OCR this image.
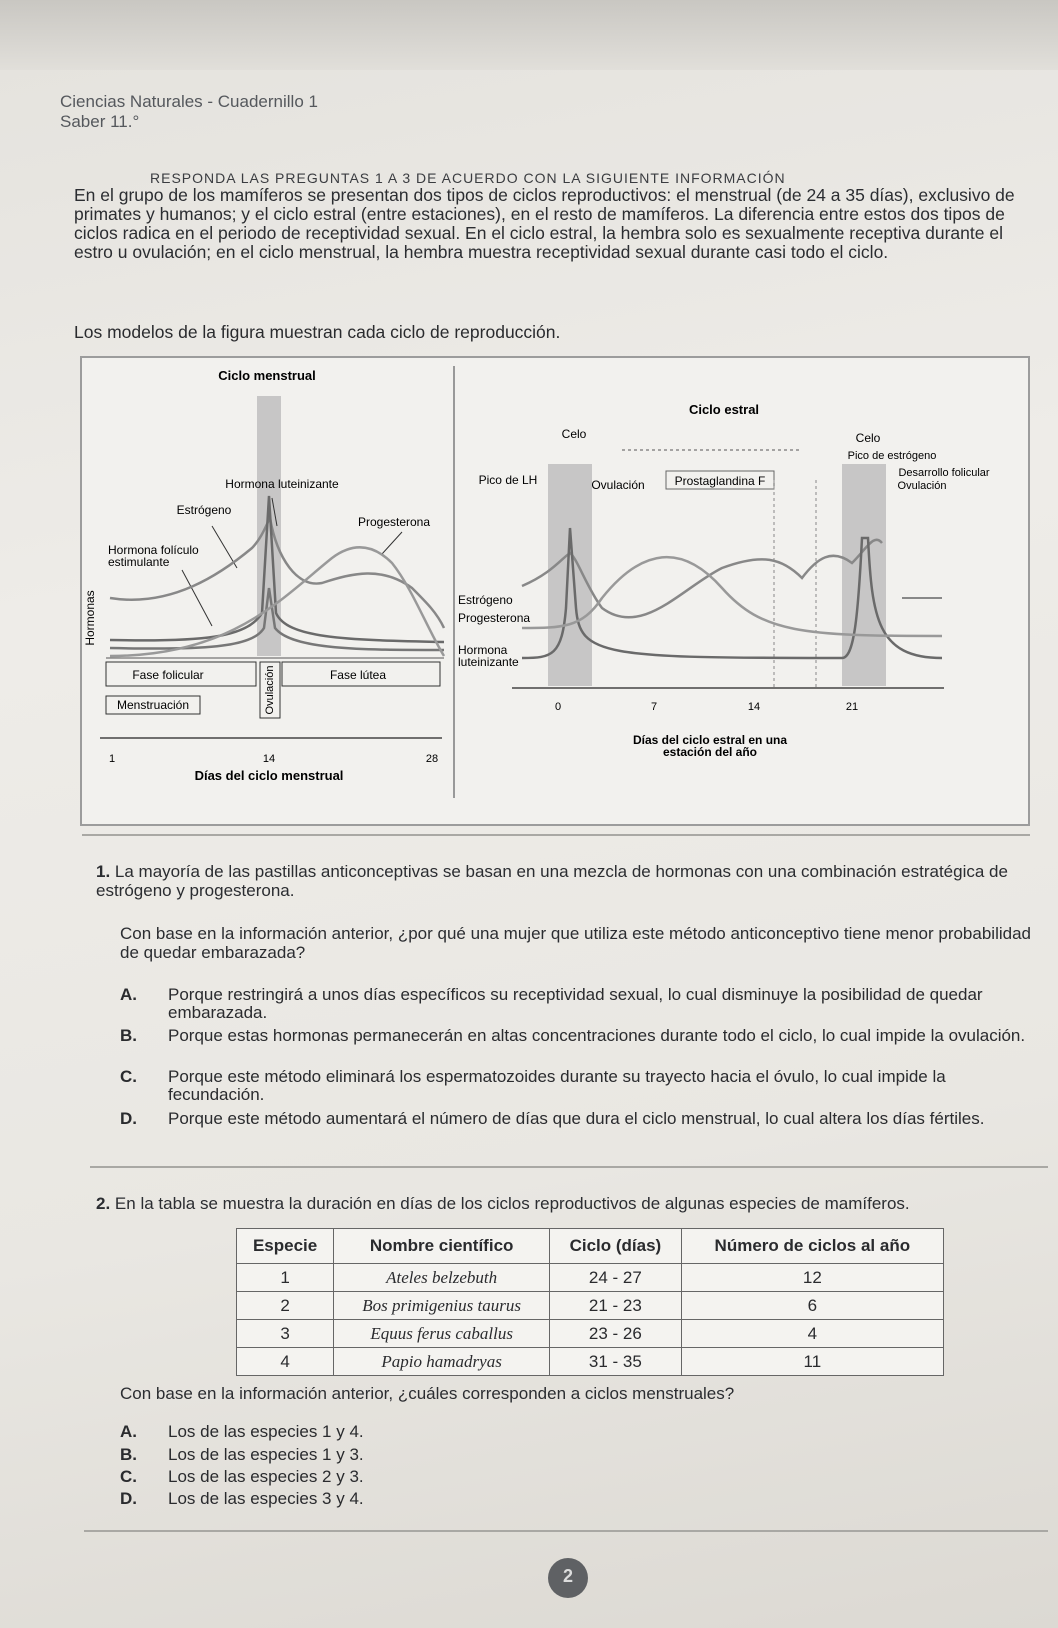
Ciencias Naturales - Cuadernillo 1
Saber 11.°
RESPONDA LAS PREGUNTAS 1 A 3 DE ACUERDO CON LA SIGUIENTE INFORMACIÓN
En el grupo de los mamíferos se presentan dos tipos de ciclos reproductivos: el menstrual (de 24 a 35 días), exclusivo de primates y humanos; y el ciclo estral (entre estaciones), en el resto de mamíferos. La diferencia entre estos dos tipos de ciclos radica en el periodo de receptividad sexual. En el ciclo estral, la hembra solo es sexualmente receptiva durante el estro u ovulación; en el ciclo menstrual, la hembra muestra receptividad sexual durante casi todo el ciclo.
Los modelos de la figura muestran cada ciclo de reproducción.
Ciclo menstrual
Hormona luteinizante
Estrógeno
Progesterona
Hormona folículo
estimulante
Hormonas
Fase folicular	Fase lútea
Menstruación	Ovulación
1	14	28
Días del ciclo menstrual
Ciclo estral
Celo	Celo
Pico de estrógeno
Pico de LH	Ovulación Prostaglandina F
Desarrollo folicular
Ovulación
Estrógeno
Progesterona
Hormona
luteinizante
0	7	14	21
Días del ciclo estral en una
estación del año
1. La mayoría de las pastillas anticonceptivas se basan en una mezcla de hormonas con una combinación estratégica de estrógeno y progesterona.
Con base en la información anterior, ¿por qué una mujer que utiliza este método anticonceptivo tiene menor probabilidad de quedar embarazada?
A. Porque restringirá a unos días específicos su receptividad sexual, lo cual disminuye la posibilidad de quedar embarazada.
B. Porque estas hormonas permanecerán en altas concentraciones durante todo el ciclo, lo cual impide la ovulación.
C. Porque este método eliminará los espermatozoides durante su trayecto hacia el óvulo, lo cual impide la fecundación.
D. Porque este método aumentará el número de días que dura el ciclo menstrual, lo cual altera los días fértiles.
2. En la tabla se muestra la duración en días de los ciclos reproductivos de algunas especies de mamíferos.
Especie	Nombre científico	Ciclo (días)	Número de ciclos al año
1	Ateles belzebuth	24 - 27	12
2	Bos primigenius taurus	21 - 23	6
3	Equus ferus caballus	23 - 26	4
4	Papio hamadryas	31 - 35	11
Con base en la información anterior, ¿cuáles corresponden a ciclos menstruales?
A. Los de las especies 1 y 4.
B. Los de las especies 1 y 3.
C. Los de las especies 2 y 3.
D. Los de las especies 3 y 4.
2
